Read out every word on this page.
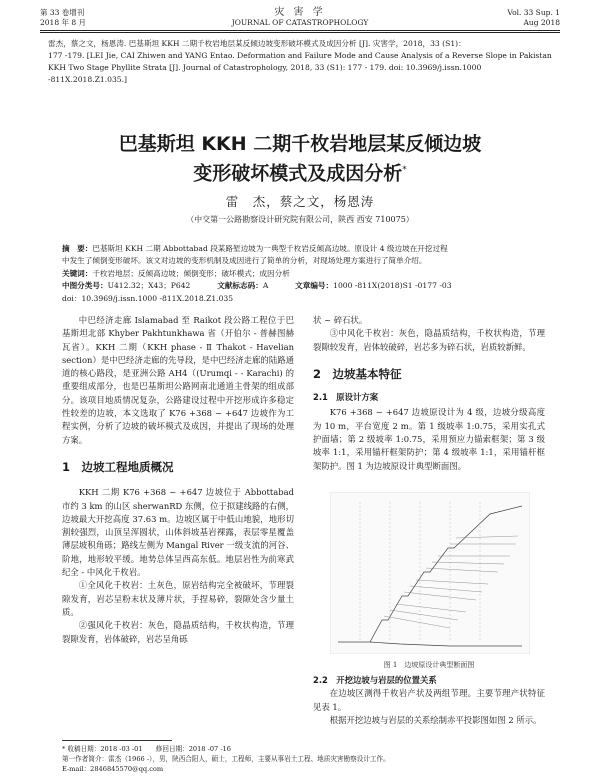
第 33 卷增刊
2018 年 8 月
灾 害 学
JOURNAL OF CATASTROPHOLOGY
Vol. 33 Sup. 1
Aug 2018
雷杰，蔡之文，杨恩涛. 巴基斯坦 KKH 二期千枚岩地层某反倾边坡变形破坏模式及成因分析 [J]. 灾害学，2018，33 (S1)：
177 -179. [LEI Jie, CAI Zhiwen and YANG Entao. Deformation and Failure Mode and Cause Analysis of a Reverse Slope in Pakistan
KKH Two Stage Phyllite Strata [J]. Journal of Catastrophology, 2018, 33 (S1): 177 - 179. doi: 10.3969/j.issn.1000
-811X.2018.Z1.035.]
巴基斯坦 KKH 二期千枚岩地层某反倾边坡
变形破坏模式及成因分析*
雷　杰，蔡之文，杨恩涛
（中交第一公路勘察设计研究院有限公司，陕西 西安 710075）
摘　要：巴基斯坦 KKH 二期 Abbottabad 段某路堑边坡为一典型千枚岩反倾高边坡。原设计 4 级边坡在开挖过程
中发生了倾倒变形破坏。该文对边坡的变形机制及成因进行了简单的分析，对现场处理方案进行了简单介绍。
关键词：千枚岩地层；反倾高边坡；倾倒变形；破坏模式；成因分析
中图分类号：U412.32；X43；P642	文献标志码：A	文章编号：1000 -811X(2018)S1 -0177 -03
doi：10.3969/j.issn.1000 -811X.2018.Z1.035

中巴经济走廊 Islamabad 至 Raikot 段公路工程位于巴基斯坦北部 Khyber Pakhtunkhawa 省（开伯尔 - 普赫图赫瓦省）。KKH 二期（KKH phase - Ⅱ Thakot - Havelian section）是中巴经济走廊的先导段，是中巴经济走廊的陆路通道的核心路段，是亚洲公路 AH4（(Urumqi - - Karachi) 的重要组成部分，也是巴基斯坦公路网南北通道主骨架的组成部分。该项目地质情况复杂，公路建设过程中开挖形成许多稳定性较差的边坡，本文选取了 K76 +368 ~ +647 边坡作为工程实例，分析了边坡的破坏模式及成因，并提出了现场的处理方案。

1　边坡工程地质概况

KKH 二期 K76 +368 ~ +647 边坡位于 Abbottabad 市约 3 km 的山区 sherwanRD 东侧，位于拟建线路的右侧，边坡最大开挖高度 37.63 m。边坡区属于中低山地貌，地形切割较强烈，山顶呈浑圆状，山体斜坡基岩裸露，表层零星覆盖薄层坡积角砾；路线左侧为 Mangal River 一级支流的河谷、阶地，地形较平缓。地势总体呈西高东低。地层岩性为前寒武纪全 - 中风化千枚岩。

①全风化千枚岩：土灰色，原岩结构完全被破坏，节理裂隙发育，岩芯呈粉末状及薄片状，手捏易碎，裂隙处含少量土质。

②强风化千枚岩：灰色，隐晶质结构，千枚状构造，节理裂隙发育，岩体破碎，岩芯呈角砾

状 ~ 碎石状。

③中风化千枚岩：灰色，隐晶质结构，千枚状构造，节理裂隙较发育，岩体较破碎，岩芯多为碎石状，岩质较新鲜。

2　边坡基本特征
2.1　原设计方案

K76 +368 ~ +647 边坡原设计为 4 级，边坡分级高度为 10 m，平台宽度 2 m。第 1 级坡率 1:0.75，采用实孔式护面墙；第 2 级坡率 1:0.75，采用预应力锚索框架；第 3 级坡率 1:1，采用锚杆框架防护；第 4 级坡率 1:1，采用锚杆框架防护。图 1 为边坡原设计典型断面图。

图 1　边坡原设计典型断面图
2.2　开挖边坡与岩层的位置关系

在边坡区测得千枚岩产状及两组节理。主要节理产状特征见表 1。

根据开挖边坡与岩层的关系绘制赤平投影图如图 2 所示。

* 收稿日期：2018 -03 -01　　修回日期：2018 -07 -16
第一作者简介：雷杰（1966 -），男，陕西合阳人，硕士，工程师，主要从事岩土工程、地质灾害勘察设计工作。
E-mail：2846845570@qq.com
